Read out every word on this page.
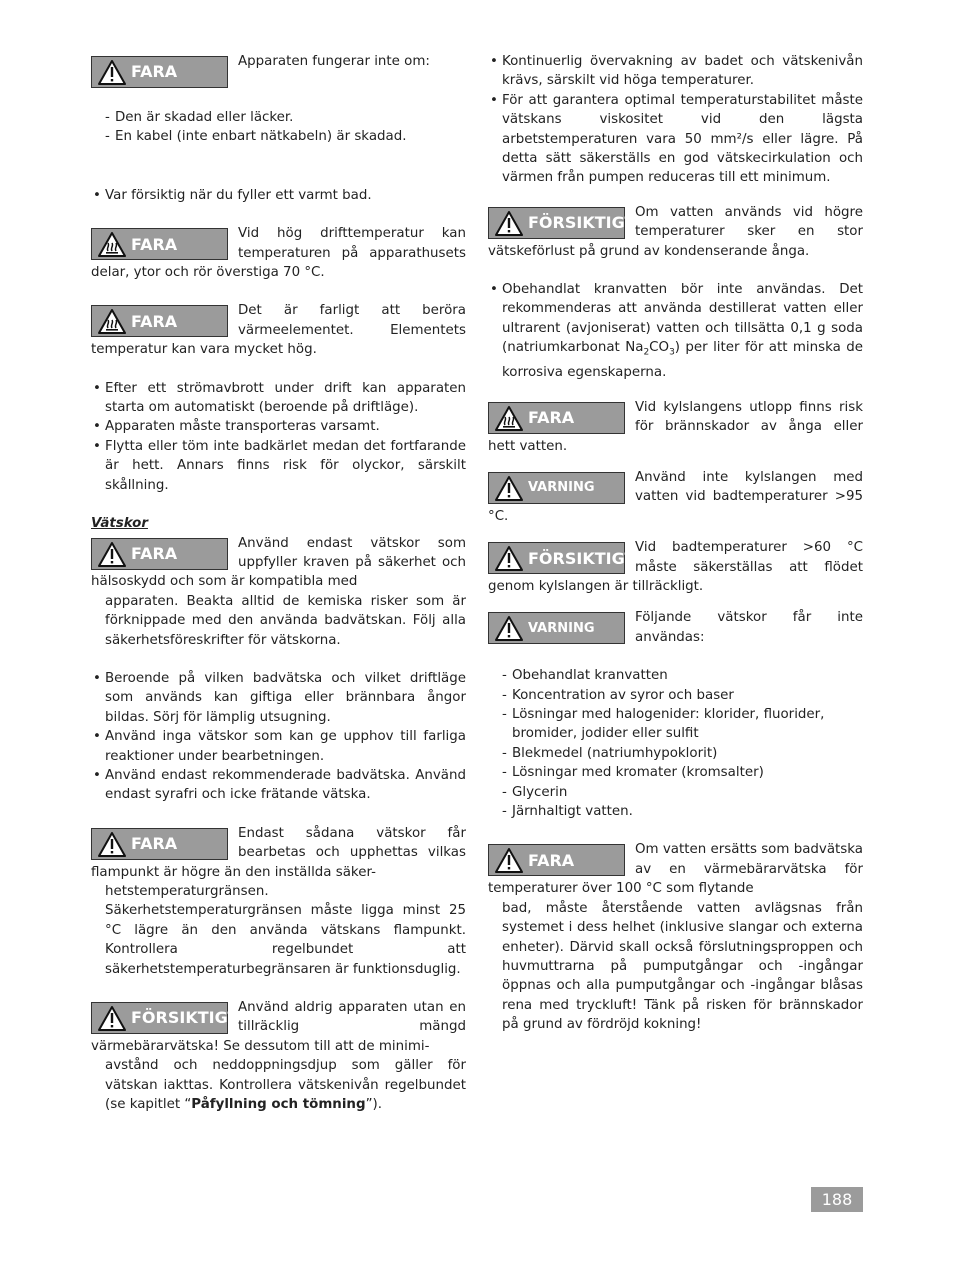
FARA

Apparaten fungerar inte om:

- Den är skadad eller läcker.
- En kabel (inte enbart nätkabeln) är skadad.
• Var försiktig när du fyller ett varmt bad.
FARA

Vid hög drifttemperatur kan temperaturen på apparathusets delar, ytor och rör överstiga 70 °C.

FARA

Det är farligt att beröra värmeelementet. Elementets temperatur kan vara mycket hög.

• Efter ett strömavbrott under drift kan apparaten starta om automatiskt (beroende på driftläge).
• Apparaten måste transporteras varsamt.
• Flytta eller töm inte badkärlet medan det fortfarande är hett. Annars finns risk för olyckor, särskilt skållning.
Vätskor
FARA

Använd endast vätskor som uppfyller kraven på säkerhet och hälsoskydd och som är kompatibla med

apparaten. Beakta alltid de kemiska risker som är förknippade med den använda badvätskan. Följ alla säkerhetsföreskrifter för vätskorna.

• Beroende på vilken badvätska och vilket driftläge som används kan giftiga eller brännbara ångor bildas. Sörj för lämplig utsugning.
• Använd inga vätskor som kan ge upphov till farliga reaktioner under bearbetningen.
• Använd endast rekommenderade badvätska. Använd endast syrafri och icke frätande vätska.
FARA

Endast sådana vätskor får bearbetas och upphettas vilkas flampunkt är högre än den inställda säker-

hetstemperaturgränsen. Säkerhetstemperaturgränsen måste ligga minst 25 °C lägre än den använda vätskans flampunkt. Kontrollera regelbundet att säkerhetstemperaturbegränsaren är funktionsduglig.

FÖRSIKTIGT

Använd aldrig apparaten utan en tillräcklig mängd värmebärarvätska! Se dessutom till att de minimi-

avstånd och neddoppningsdjup som gäller för vätskan iakttas. Kontrollera vätskenivån regelbundet (se kapitlet “Påfyllning och tömning”).

• Kontinuerlig övervakning av badet och vätskenivån krävs, särskilt vid höga temperaturer.
• För att garantera optimal temperaturstabilitet måste vätskans viskositet vid den lägsta arbetstemperaturen vara 50 mm²/s eller lägre. På detta sätt säkerställs en god vätskecirkulation och värmen från pumpen reduceras till ett minimum.
FÖRSIKTIGT

Om vatten används vid högre temperaturer sker en stor vätskeförlust på grund av kondenserande ånga.

• Obehandlat kranvatten bör inte användas. Det rekommenderas att använda destillerat vatten eller ultrarent (avjoniserat) vatten och tillsätta 0,1 g soda (natriumkarbonat $Na_2CO_3$) per liter för att minska de korrosiva egenskaperna.
FARA

Vid kylslangens utlopp finns risk för brännskador av ånga eller hett vatten.

VARNING

Använd inte kylslangen med vatten vid badtemperaturer >95 °C.

FÖRSIKTIGT

Vid badtemperaturer >60 °C måste säkerställas att flödet genom kylslangen är tillräckligt.

VARNING

Följande vätskor får inte användas:

- Obehandlat kranvatten
- Koncentration av syror och baser
- Lösningar med halogenider: klorider, fluorider, bromider, jodider eller sulfit
- Blekmedel (natriumhypoklorit)
- Lösningar med kromater (kromsalter)
- Glycerin
- Järnhaltigt vatten.
FARA

Om vatten ersätts som badvätska av en värmebärarvätska för temperaturer över 100 °C som flytande

bad, måste återstående vatten avlägsnas från systemet i dess helhet (inklusive slangar och externa enheter). Därvid skall också förslutningsproppen och huvmuttrarna på pumputgångar och -ingångar öppnas och alla pumputgångar och -ingångar blåsas rena med tryckluft! Tänk på risken för brännskador på grund av fördröjd kokning!

188
